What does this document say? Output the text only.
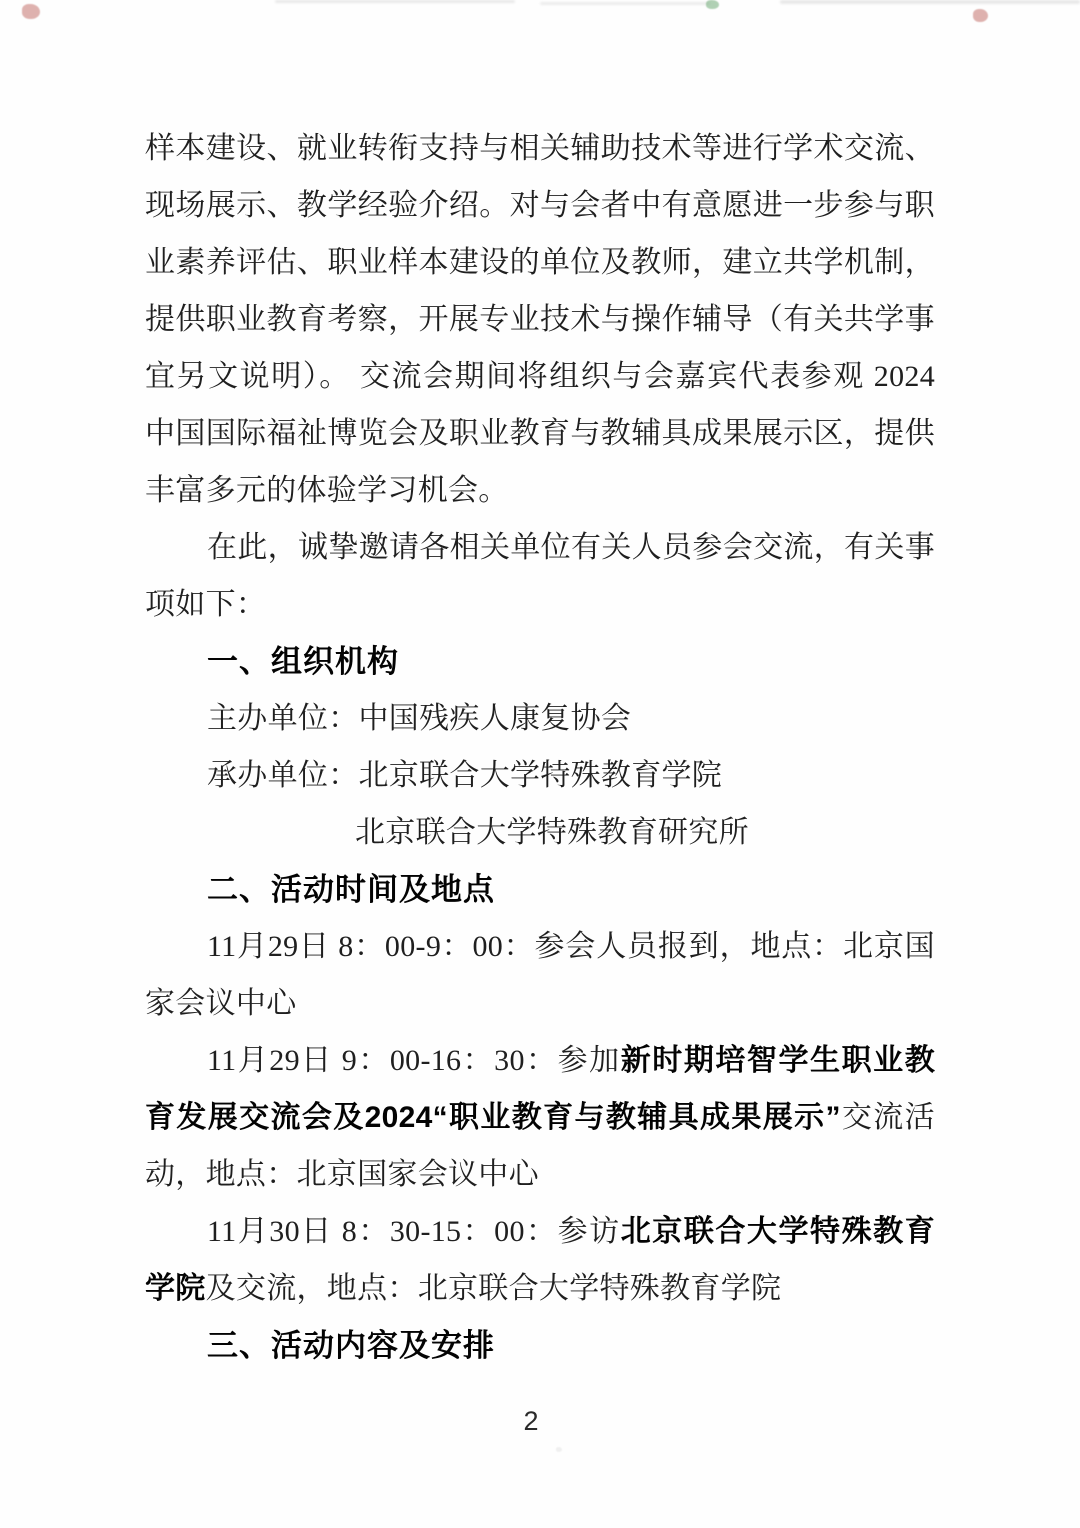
样本建设、就业转衔支持与相关辅助技术等进行学术交流、
现场展示、教学经验介绍。对与会者中有意愿进一步参与职
业素养评估、职业样本建设的单位及教师，建立共学机制，
提供职业教育考察，开展专业技术与操作辅导（有关共学事
宜另文说明）。 交流会期间将组织与会嘉宾代表参观 2024
中国国际福祉博览会及职业教育与教辅具成果展示区，提供
丰富多元的体验学习机会。
在此，诚挚邀请各相关单位有关人员参会交流，有关事
项如下：
一、组织机构
主办单位：中国残疾人康复协会
承办单位：北京联合大学特殊教育学院
北京联合大学特殊教育研究所
二、活动时间及地点
11月29日 8：00-9：00：参会人员报到，地点：北京国
家会议中心
11月29日 9：00-16：30：参加新时期培智学生职业教
育发展交流会及2024“职业教育与教辅具成果展示”交流活
动，地点：北京国家会议中心
11月30日 8：30-15：00：参访北京联合大学特殊教育
学院及交流，地点：北京联合大学特殊教育学院
三、活动内容及安排
2
